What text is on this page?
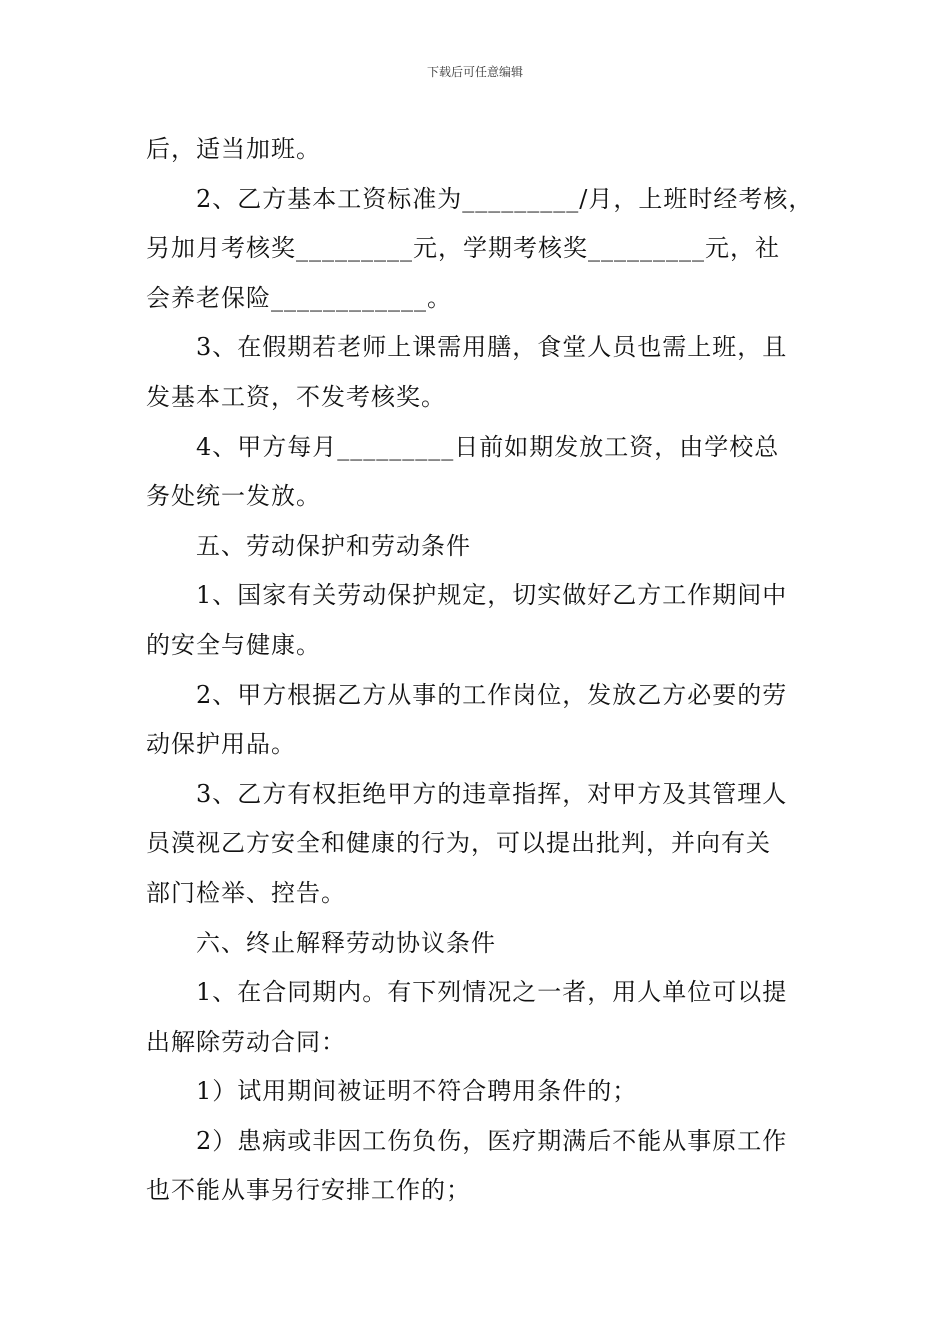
下载后可任意编辑
后，适当加班。
2、乙方基本工资标准为_________/月，上班时经考核，
另加月考核奖_________元，学期考核奖_________元，社
会养老保险____________。
3、在假期若老师上课需用膳，食堂人员也需上班，且
发基本工资，不发考核奖。
4、甲方每月_________日前如期发放工资，由学校总
务处统一发放。
五、劳动保护和劳动条件
1、国家有关劳动保护规定，切实做好乙方工作期间中
的安全与健康。
2、甲方根据乙方从事的工作岗位，发放乙方必要的劳
动保护用品。
3、乙方有权拒绝甲方的违章指挥，对甲方及其管理人
员漠视乙方安全和健康的行为，可以提出批判，并向有关
部门检举、控告。
六、终止解释劳动协议条件
1、在合同期内。有下列情况之一者，用人单位可以提
出解除劳动合同：
1）试用期间被证明不符合聘用条件的；
2）患病或非因工伤负伤，医疗期满后不能从事原工作
也不能从事另行安排工作的；
